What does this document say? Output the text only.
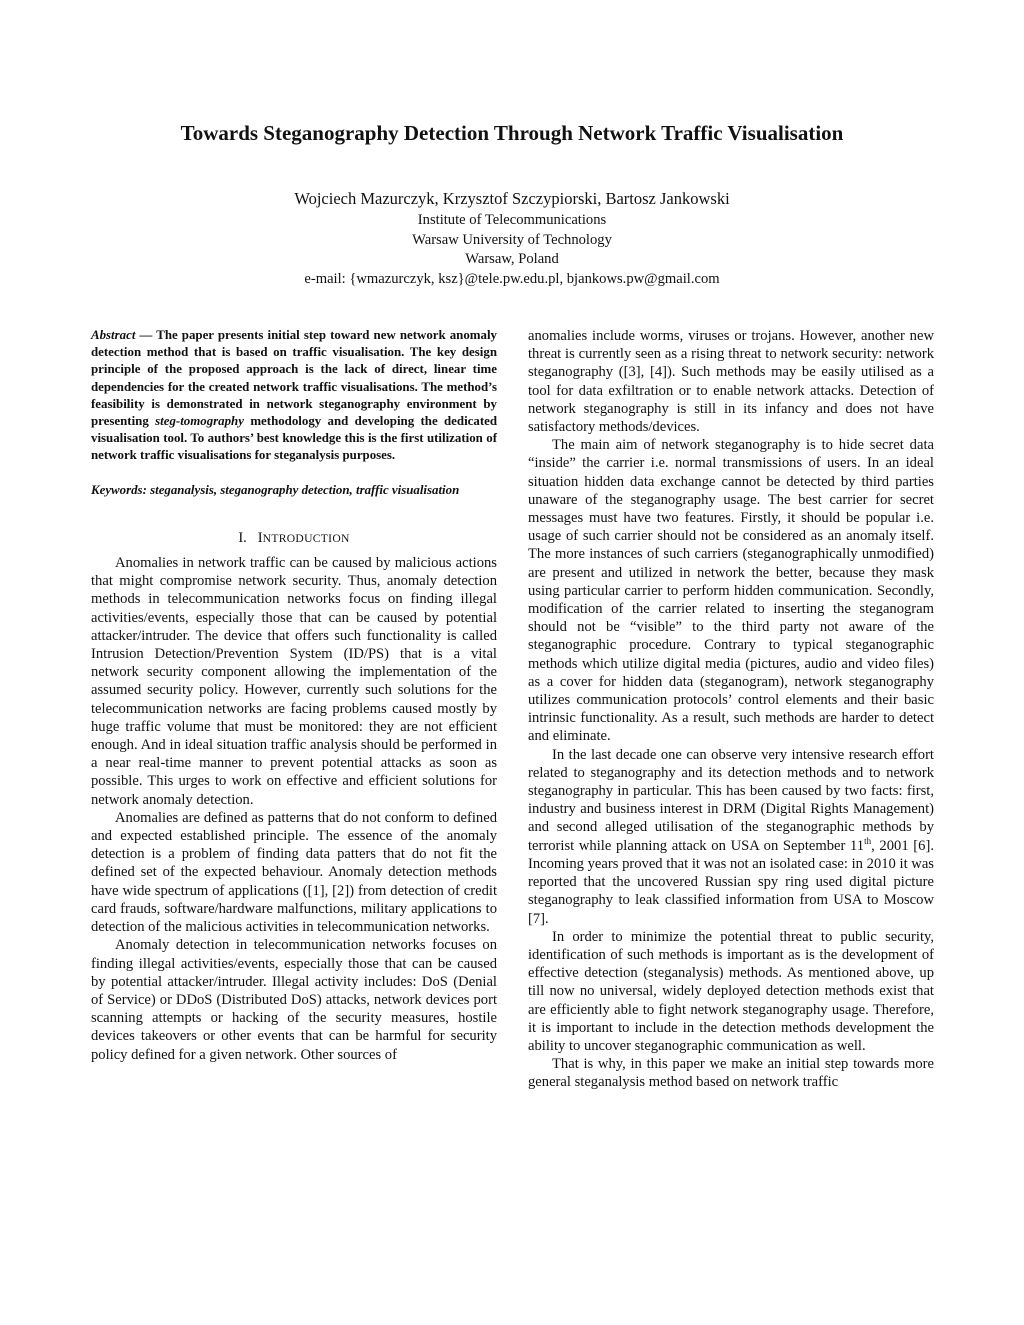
Towards Steganography Detection Through Network Traffic Visualisation
Wojciech Mazurczyk, Krzysztof Szczypiorski, Bartosz Jankowski
Institute of Telecommunications
Warsaw University of Technology
Warsaw, Poland
e-mail: {wmazurczyk, ksz}@tele.pw.edu.pl, bjankows.pw@gmail.com

Abstract — The paper presents initial step toward new network anomaly detection method that is based on traffic visualisation. The key design principle of the proposed approach is the lack of direct, linear time dependencies for the created network traffic visualisations. The method’s feasibility is demonstrated in network steganography environment by presenting steg-tomography methodology and developing the dedicated visualisation tool. To authors’ best knowledge this is the first utilization of network traffic visualisations for steganalysis purposes.

Keywords: steganalysis, steganography detection, traffic visualisation

I. INTRODUCTION

Anomalies in network traffic can be caused by malicious actions that might compromise network security. Thus, anomaly detection methods in telecommunication networks focus on finding illegal activities/events, especially those that can be caused by potential attacker/intruder. The device that offers such functionality is called Intrusion Detection/Prevention System (ID/PS) that is a vital network security component allowing the implementation of the assumed security policy. However, currently such solutions for the telecommunication networks are facing problems caused mostly by huge traffic volume that must be monitored: they are not efficient enough. And in ideal situation traffic analysis should be performed in a near real-time manner to prevent potential attacks as soon as possible. This urges to work on effective and efficient solutions for network anomaly detection.

Anomalies are defined as patterns that do not conform to defined and expected established principle. The essence of the anomaly detection is a problem of finding data patters that do not fit the defined set of the expected behaviour. Anomaly detection methods have wide spectrum of applications ([1], [2]) from detection of credit card frauds, software/hardware malfunctions, military applications to detection of the malicious activities in telecommunication networks.

Anomaly detection in telecommunication networks focuses on finding illegal activities/events, especially those that can be caused by potential attacker/intruder. Illegal activity includes: DoS (Denial of Service) or DDoS (Distributed DoS) attacks, network devices port scanning attempts or hacking of the security measures, hostile devices takeovers or other events that can be harmful for security policy defined for a given network. Other sources of

anomalies include worms, viruses or trojans. However, another new threat is currently seen as a rising threat to network security: network steganography ([3], [4]). Such methods may be easily utilised as a tool for data exfiltration or to enable network attacks. Detection of network steganography is still in its infancy and does not have satisfactory methods/devices.

The main aim of network steganography is to hide secret data “inside” the carrier i.e. normal transmissions of users. In an ideal situation hidden data exchange cannot be detected by third parties unaware of the steganography usage. The best carrier for secret messages must have two features. Firstly, it should be popular i.e. usage of such carrier should not be considered as an anomaly itself. The more instances of such carriers (steganographically unmodified) are present and utilized in network the better, because they mask using particular carrier to perform hidden communication. Secondly, modification of the carrier related to inserting the steganogram should not be “visible” to the third party not aware of the steganographic procedure. Contrary to typical steganographic methods which utilize digital media (pictures, audio and video files) as a cover for hidden data (steganogram), network steganography utilizes communication protocols’ control elements and their basic intrinsic functionality. As a result, such methods are harder to detect and eliminate.

In the last decade one can observe very intensive research effort related to steganography and its detection methods and to network steganography in particular. This has been caused by two facts: first, industry and business interest in DRM (Digital Rights Management) and second alleged utilisation of the steganographic methods by terrorist while planning attack on USA on September 11th, 2001 [6]. Incoming years proved that it was not an isolated case: in 2010 it was reported that the uncovered Russian spy ring used digital picture steganography to leak classified information from USA to Moscow [7].

In order to minimize the potential threat to public security, identification of such methods is important as is the development of effective detection (steganalysis) methods. As mentioned above, up till now no universal, widely deployed detection methods exist that are efficiently able to fight network steganography usage. Therefore, it is important to include in the detection methods development the ability to uncover steganographic communication as well.

That is why, in this paper we make an initial step towards more general steganalysis method based on network traffic
